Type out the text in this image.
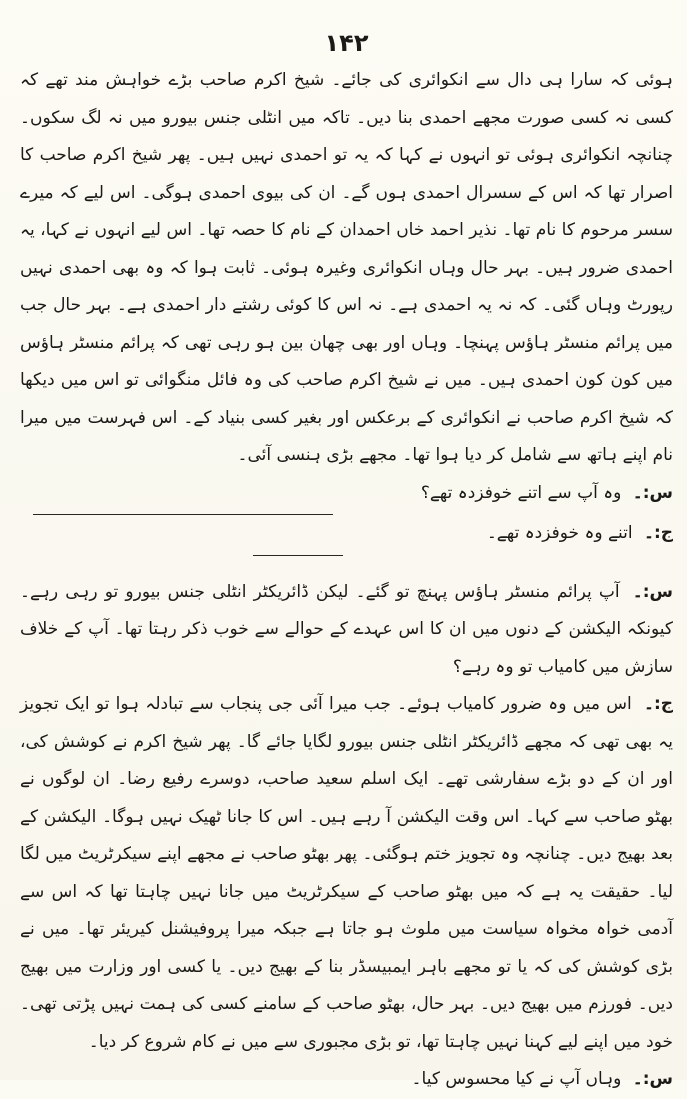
۱۴۲

ہوئی کہ سارا ہی دال سے انکوائری کی جائے۔ شیخ اکرم صاحب بڑے خواہش مند تھے کہ کسی نہ کسی صورت مجھے احمدی بنا دیں۔ تاکہ میں انٹلی جنس بیورو میں نہ لگ سکوں۔ چنانچہ انکوائری ہوئی تو انہوں نے کہا کہ یہ تو احمدی نہیں ہیں۔ پھر شیخ اکرم صاحب کا اصرار تھا کہ اس کے سسرال احمدی ہوں گے۔ ان کی بیوی احمدی ہوگی۔ اس لیے کہ میرے سسر مرحوم کا نام تھا۔ نذیر احمد خاں احمدان کے نام کا حصہ تھا۔ اس لیے انہوں نے کہا، یہ احمدی ضرور ہیں۔ بہر حال وہاں انکوائری وغیرہ ہوئی۔ ثابت ہوا کہ وہ بھی احمدی نہیں رپورٹ وہاں گئی۔ کہ نہ یہ احمدی ہے۔ نہ اس کا کوئی رشتے دار احمدی ہے۔ بہر حال جب میں پرائم منسٹر ہاؤس پہنچا۔ وہاں اور بھی چھان بین ہو رہی تھی کہ پرائم منسٹر ہاؤس میں کون کون احمدی ہیں۔ میں نے شیخ اکرم صاحب کی وہ فائل منگوائی تو اس میں دیکھا کہ شیخ اکرم صاحب نے انکوائری کے برعکس اور بغیر کسی بنیاد کے۔ اس فہرست میں میرا نام اپنے ہاتھ سے شامل کر دیا ہوا تھا۔ مجھے بڑی ہنسی آئی۔

س:۔ وہ آپ سے اتنے خوفزدہ تھے؟

ج:۔ اتنے وہ خوفزدہ تھے۔

س:۔ آپ پرائم منسٹر ہاؤس پہنچ تو گئے۔ لیکن ڈائریکٹر انٹلی جنس بیورو تو رہی رہے۔ کیونکہ الیکشن کے دنوں میں ان کا اس عہدے کے حوالے سے خوب ذکر رہتا تھا۔ آپ کے خلاف سازش میں کامیاب تو وہ رہے؟

ج:۔ اس میں وہ ضرور کامیاب ہوئے۔ جب میرا آئی جی پنجاب سے تبادلہ ہوا تو ایک تجویز یہ بھی تھی کہ مجھے ڈائریکٹر انٹلی جنس بیورو لگایا جائے گا۔ پھر شیخ اکرم نے کوشش کی، اور ان کے دو بڑے سفارشی تھے۔ ایک اسلم سعید صاحب، دوسرے رفیع رضا۔ ان لوگوں نے بھٹو صاحب سے کہا۔ اس وقت الیکشن آ رہے ہیں۔ اس کا جانا ٹھیک نہیں ہوگا۔ الیکشن کے بعد بھیج دیں۔ چنانچہ وہ تجویز ختم ہوگئی۔ پھر بھٹو صاحب نے مجھے اپنے سیکرٹریٹ میں لگا لیا۔ حقیقت یہ ہے کہ میں بھٹو صاحب کے سیکرٹریٹ میں جانا نہیں چاہتا تھا کہ اس سے آدمی خواہ مخواہ سیاست میں ملوث ہو جاتا ہے جبکہ میرا پروفیشنل کیریئر تھا۔ میں نے بڑی کوشش کی کہ یا تو مجھے باہر ایمبیسڈر بنا کے بھیج دیں۔ یا کسی اور وزارت میں بھیج دیں۔ فورزم میں بھیج دیں۔ بہر حال، بھٹو صاحب کے سامنے کسی کی ہمت نہیں پڑتی تھی۔ خود میں اپنے لیے کہنا نہیں چاہتا تھا، تو بڑی مجبوری سے میں نے کام شروع کر دیا۔

س:۔ وہاں آپ نے کیا محسوس کیا۔
